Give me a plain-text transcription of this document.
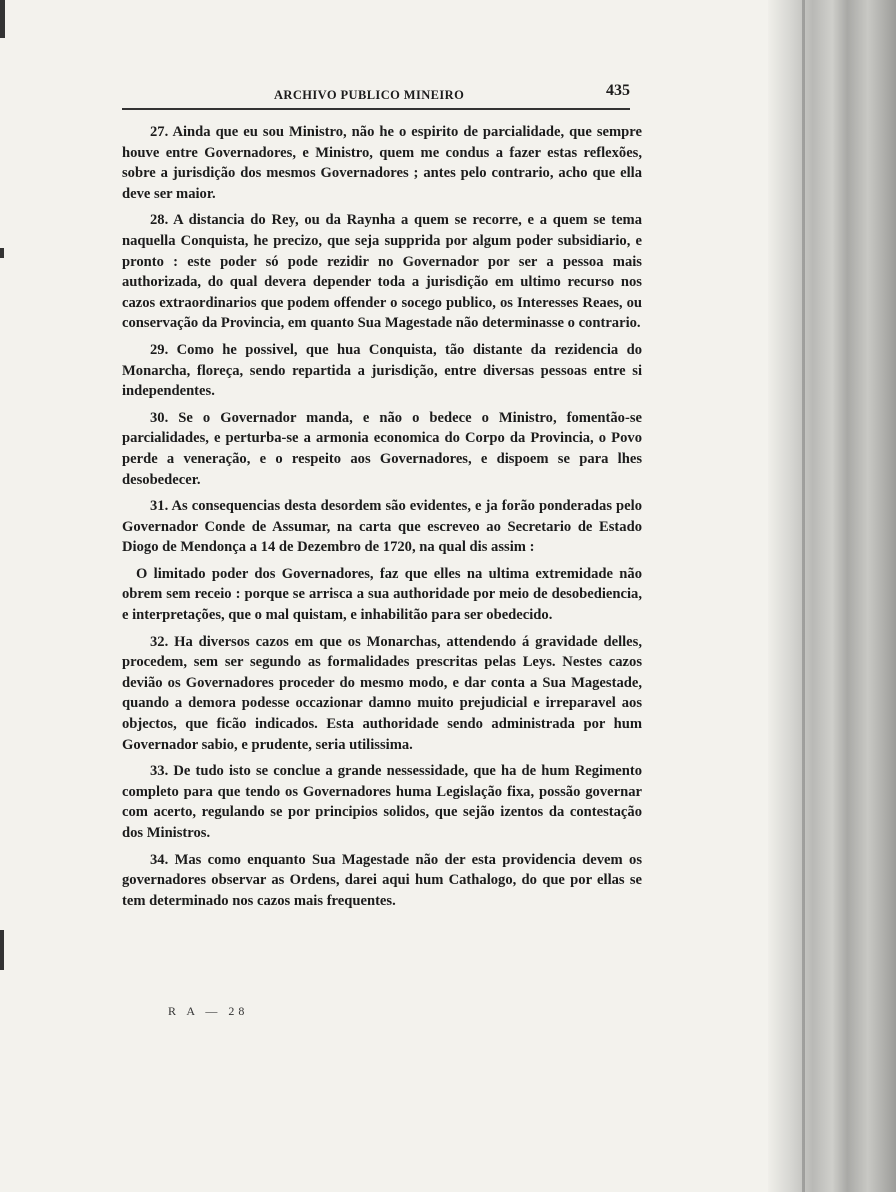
ARCHIVO PUBLICO MINEIRO	435

27. Ainda que eu sou Ministro, não he o espirito de parcialidade, que sempre houve entre Governadores, e Ministro, quem me condus a fazer estas reflexões, sobre a jurisdição dos mesmos Governadores ; antes pelo contrario, acho que ella deve ser maior.

28. A distancia do Rey, ou da Raynha a quem se recorre, e a quem se tema naquella Conquista, he precizo, que seja supprida por algum poder subsidiario, e pronto : este poder só pode rezidir no Governador por ser a pessoa mais authorizada, do qual devera depender toda a jurisdição em ultimo recurso nos cazos extraordinarios que podem offender o socego publico, os Interesses Reaes, ou conservação da Provincia, em quanto Sua Magestade não determinasse o contrario.

29. Como he possivel, que hua Conquista, tão distante da rezidencia do Monarcha, floreça, sendo repartida a jurisdição, entre diversas pessoas entre si independentes.

30. Se o Governador manda, e não o bedece o Ministro, fomentão-se parcialidades, e perturba-se a armonia economica do Corpo da Provincia, o Povo perde a veneração, e o respeito aos Governadores, e dispoem se para lhes desobedecer.

31. As consequencias desta desordem são evidentes, e ja forão ponderadas pelo Governador Conde de Assumar, na carta que escreveo ao Secretario de Estado Diogo de Mendonça a 14 de Dezembro de 1720, na qual dis assim :

O limitado poder dos Governadores, faz que elles na ultima extremidade não obrem sem receio : porque se arrisca a sua authoridade por meio de desobediencia, e interpretações, que o mal quistam, e inhabilitão para ser obedecido.

32. Ha diversos cazos em que os Monarchas, attendendo á gravidade delles, procedem, sem ser segundo as formalidades prescritas pelas Leys. Nestes cazos devião os Governadores proceder do mesmo modo, e dar conta a Sua Magestade, quando a demora podesse occazionar damno muito prejudicial e irreparavel aos objectos, que ficão indicados. Esta authoridade sendo administrada por hum Governador sabio, e prudente, seria utilissima.

33. De tudo isto se conclue a grande nessessidade, que ha de hum Regimento completo para que tendo os Governadores huma Legislação fixa, possão governar com acerto, regulando se por principios solidos, que sejão izentos da contestação dos Ministros.

34. Mas como enquanto Sua Magestade não der esta providencia devem os governadores observar as Ordens, darei aqui hum Cathalogo, do que por ellas se tem determinado nos cazos mais frequentes.

R A — 28
